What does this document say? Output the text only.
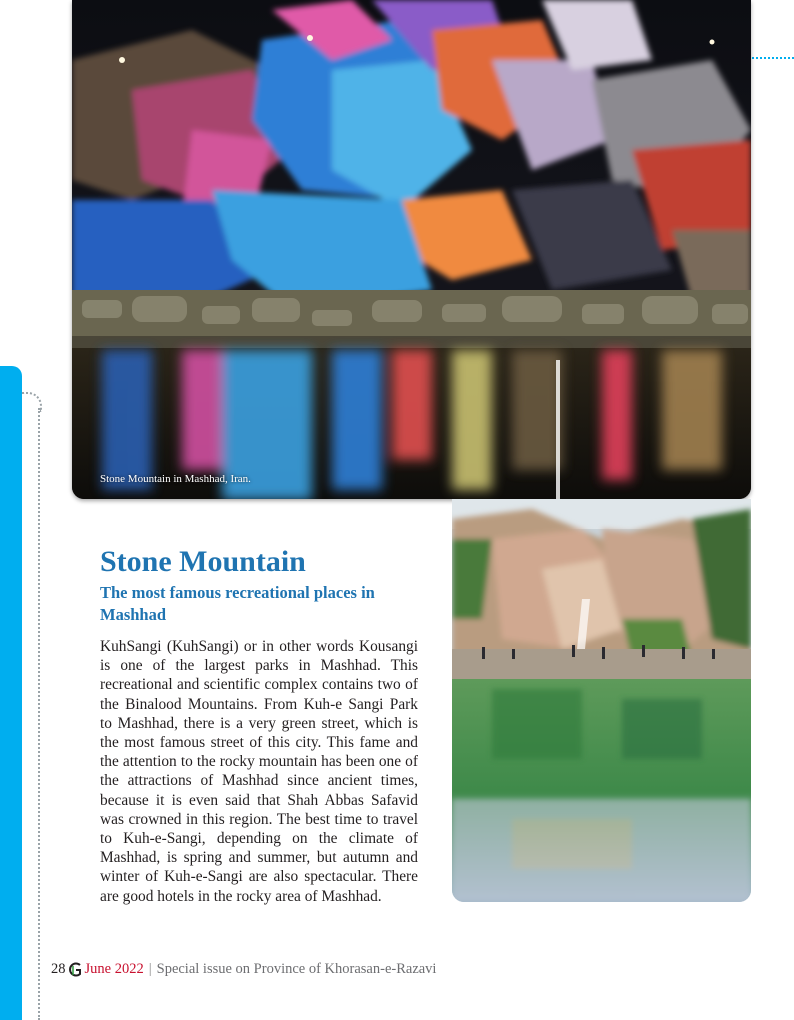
Stone Mountain in Mashhad, Iran.
Stone Mountain
The most famous recreational places in Mashhad

KuhSangi (KuhSangi) or in other words Kousangi is one of the largest parks in Mashhad. This recreational and scientific complex contains two of the Binalood Mountains. From Kuh-e Sangi Park to Mashhad, there is a very green street, which is the most famous street of this city. This fame and the attention to the rocky mountain has been one of the attractions of Mashhad since ancient times, because it is even said that Shah Abbas Safavid was crowned in this region. The best time to travel to Kuh-e-Sangi, depending on the climate of Mashhad, is spring and summer, but autumn and winter of Kuh-e-Sangi are also spectacular. There are good hotels in the rocky area of Mashhad.

28 June 2022 | Special issue on Province of Khorasan-e-Razavi
